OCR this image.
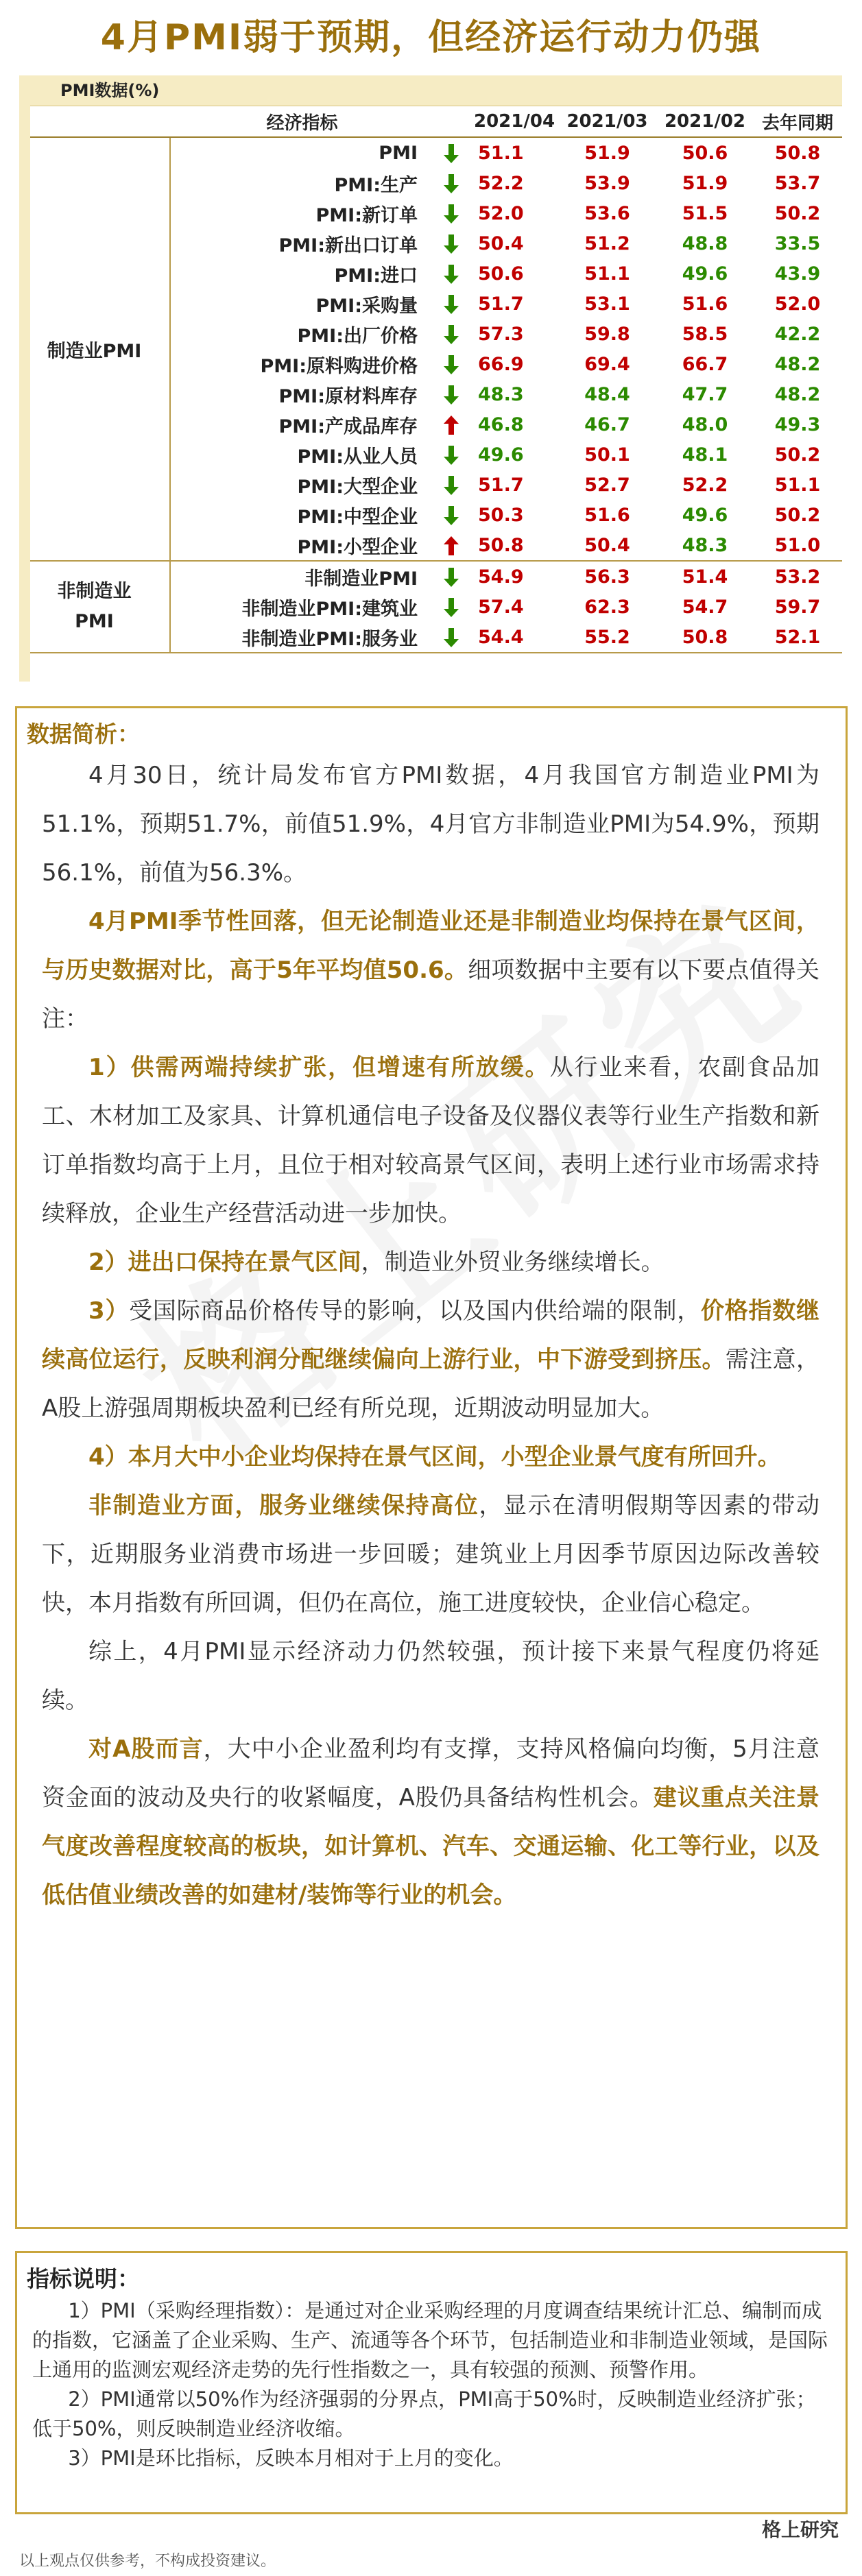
4月PMI弱于预期，但经济运行动力仍强
PMI数据(%)
	经济指标		2021/04	2021/03	2021/02	去年同期
制造业PMI	PMI		51.1	51.9	50.6	50.8
	PMI:生产		52.2	53.9	51.9	53.7
	PMI:新订单		52.0	53.6	51.5	50.2
	PMI:新出口订单		50.4	51.2	48.8	33.5
	PMI:进口		50.6	51.1	49.6	43.9
	PMI:采购量		51.7	53.1	51.6	52.0
	PMI:出厂价格		57.3	59.8	58.5	42.2
	PMI:原料购进价格		66.9	69.4	66.7	48.2
	PMI:原材料库存		48.3	48.4	47.7	48.2
	PMI:产成品库存		46.8	46.7	48.0	49.3
	PMI:从业人员		49.6	50.1	48.1	50.2
	PMI:大型企业		51.7	52.7	52.2	51.1
	PMI:中型企业		50.3	51.6	49.6	50.2
	PMI:小型企业		50.8	50.4	48.3	51.0
非制造业PMI	非制造业PMI		54.9	56.3	51.4	53.2
	非制造业PMI:建筑业		57.4	62.3	54.7	59.7
	非制造业PMI:服务业		54.4	55.2	50.8	52.1
数据简析：

4月30日，统计局发布官方PMI数据，4月我国官方制造业PMI为51.1%，预期51.7%，前值51.9%，4月官方非制造业PMI为54.9%，预期56.1%，前值为56.3%。

4月PMI季节性回落，但无论制造业还是非制造业均保持在景气区间，与历史数据对比，高于5年平均值50.6。细项数据中主要有以下要点值得关注：

1）供需两端持续扩张，但增速有所放缓。从行业来看，农副食品加工、木材加工及家具、计算机通信电子设备及仪器仪表等行业生产指数和新订单指数均高于上月，且位于相对较高景气区间，表明上述行业市场需求持续释放，企业生产经营活动进一步加快。

2）进出口保持在景气区间，制造业外贸业务继续增长。

3）受国际商品价格传导的影响，以及国内供给端的限制，价格指数继续高位运行，反映利润分配继续偏向上游行业，中下游受到挤压。需注意，A股上游强周期板块盈利已经有所兑现，近期波动明显加大。

4）本月大中小企业均保持在景气区间，小型企业景气度有所回升。

非制造业方面，服务业继续保持高位，显示在清明假期等因素的带动下，近期服务业消费市场进一步回暖；建筑业上月因季节原因边际改善较快，本月指数有所回调，但仍在高位，施工进度较快，企业信心稳定。

综上，4月PMI显示经济动力仍然较强，预计接下来景气程度仍将延续。

对A股而言，大中小企业盈利均有支撑，支持风格偏向均衡，5月注意资金面的波动及央行的收紧幅度，A股仍具备结构性机会。建议重点关注景气度改善程度较高的板块，如计算机、汽车、交通运输、化工等行业，以及低估值业绩改善的如建材/装饰等行业的机会。

指标说明：

1）PMI（采购经理指数）：是通过对企业采购经理的月度调查结果统计汇总、编制而成的指数，它涵盖了企业采购、生产、流通等各个环节，包括制造业和非制造业领域，是国际上通用的监测宏观经济走势的先行性指数之一，具有较强的预测、预警作用。

2）PMI通常以50%作为经济强弱的分界点，PMI高于50%时，反映制造业经济扩张；低于50%，则反映制造业经济收缩。

3）PMI是环比指标，反映本月相对于上月的变化。

格上研究
以上观点仅供参考，不构成投资建议。
